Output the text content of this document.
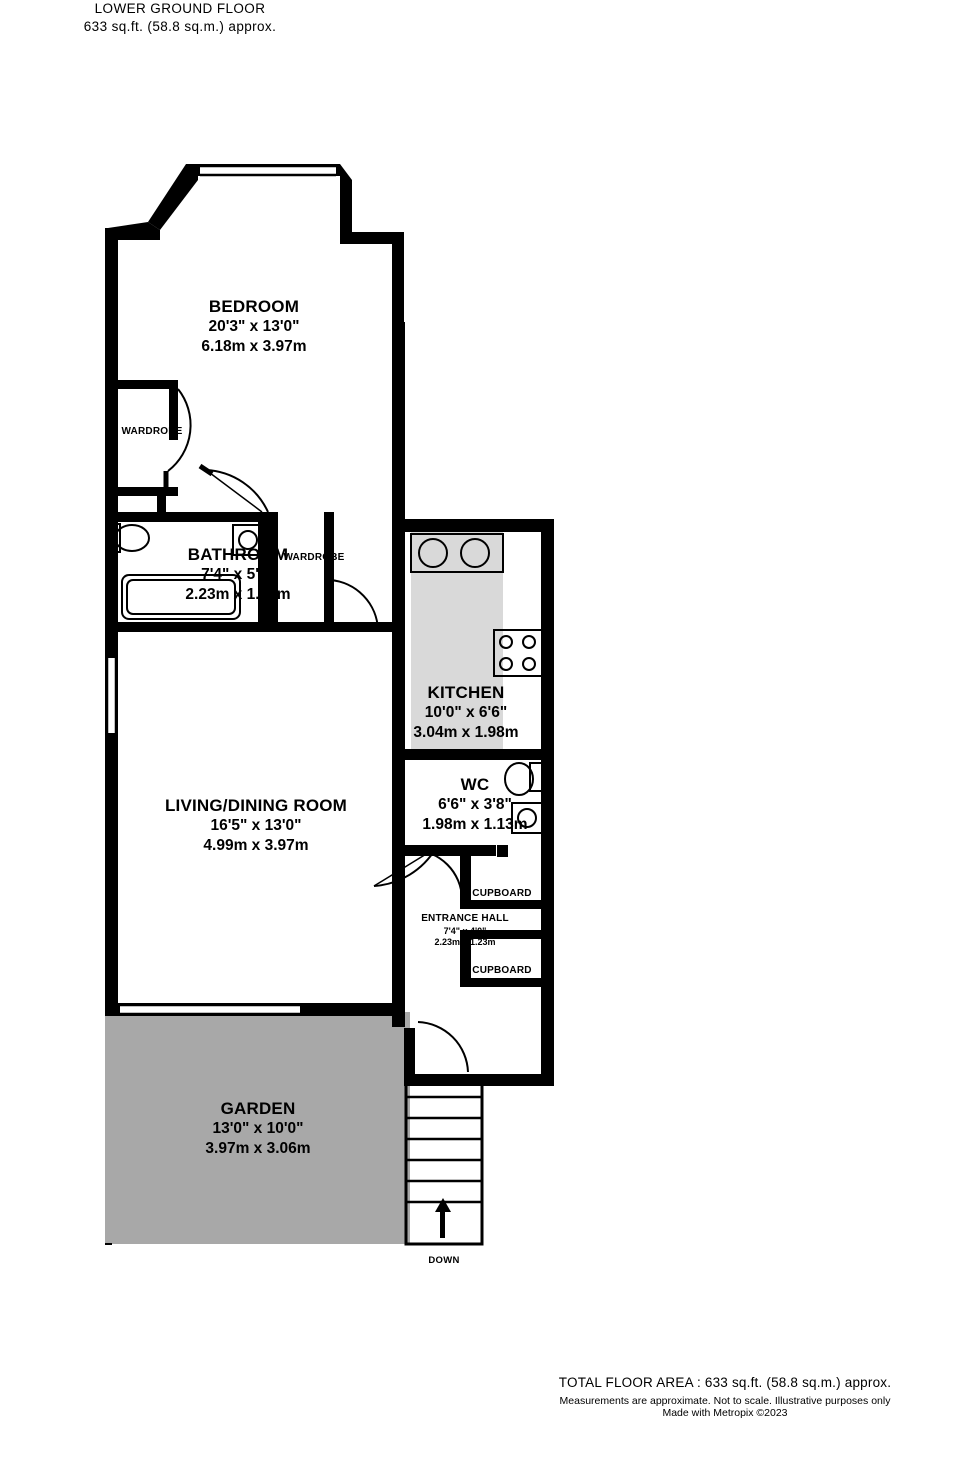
LOWER GROUND FLOOR
633 sq.ft. (58.8 sq.m.) approx.
BEDROOM
20'3" x 13'0"
6.18m x 3.97m
WARDROBE
BATHROOM
7'4" x 5'8"
2.23m x 1.72m
WARDROBE
KITCHEN
10'0" x 6'6"
3.04m x 1.98m
LIVING/DINING ROOM
16'5" x 13'0"
4.99m x 3.97m
WC
6'6" x 3'8"
1.98m x 1.13m
CUPBOARD
ENTRANCE HALL
7'4" x 4'0"
2.23m x 1.23m
CUPBOARD
GARDEN
13'0" x 10'0"
3.97m x 3.06m
DOWN
TOTAL FLOOR AREA : 633 sq.ft. (58.8 sq.m.) approx.
Measurements are approximate. Not to scale. Illustrative purposes only
Made with Metropix ©2023
